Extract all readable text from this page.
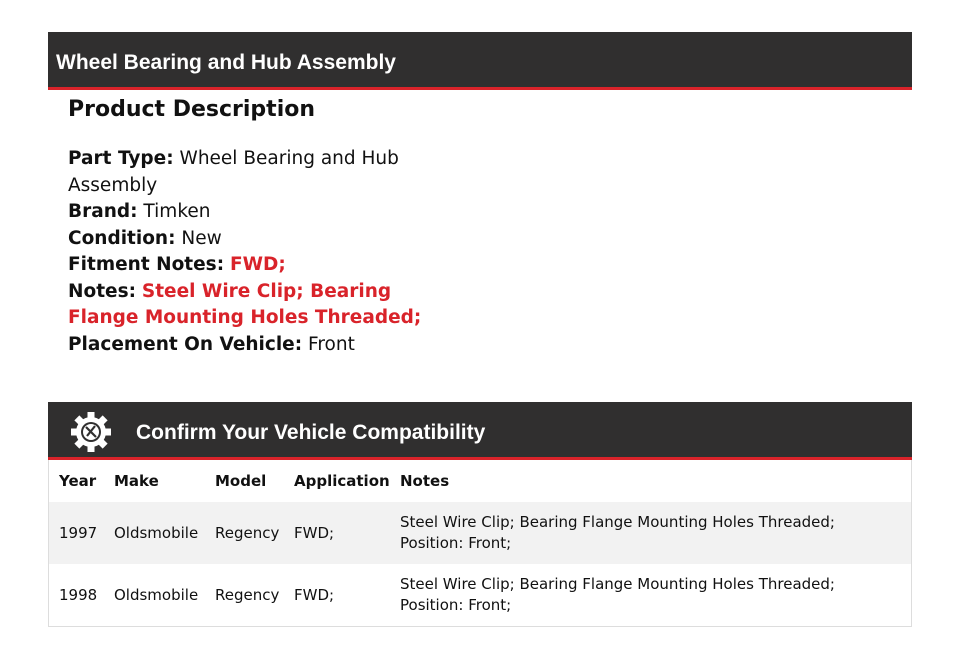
Wheel Bearing and Hub Assembly
Product Description
Part Type: Wheel Bearing and Hub Assembly
Brand: Timken
Condition: New
Fitment Notes: FWD;
Notes: Steel Wire Clip; Bearing Flange Mounting Holes Threaded;
Placement On Vehicle: Front
Confirm Your Vehicle Compatibility
Year	Make	Model	Application	Notes
1997	Oldsmobile	Regency	FWD;	Steel Wire Clip; Bearing Flange Mounting Holes Threaded; Position: Front;
1998	Oldsmobile	Regency	FWD;	Steel Wire Clip; Bearing Flange Mounting Holes Threaded; Position: Front;
